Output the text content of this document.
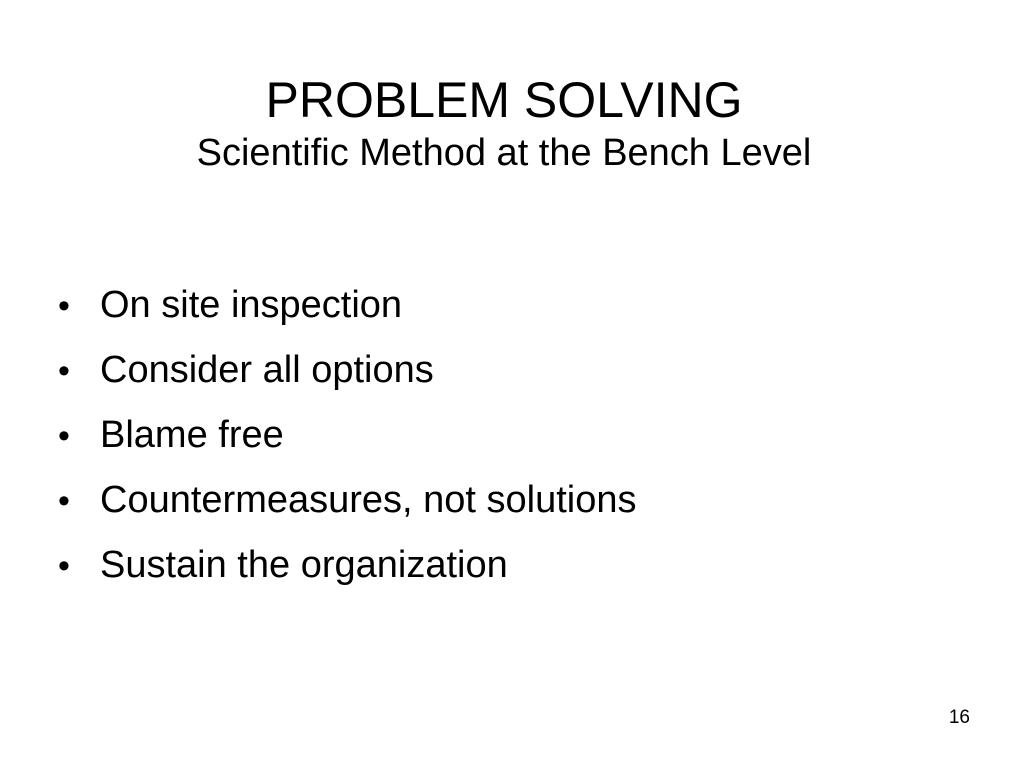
PROBLEM SOLVING
Scientific Method at the Bench Level
• On site inspection
• Consider all options
• Blame free
• Countermeasures, not solutions
• Sustain the organization
16
